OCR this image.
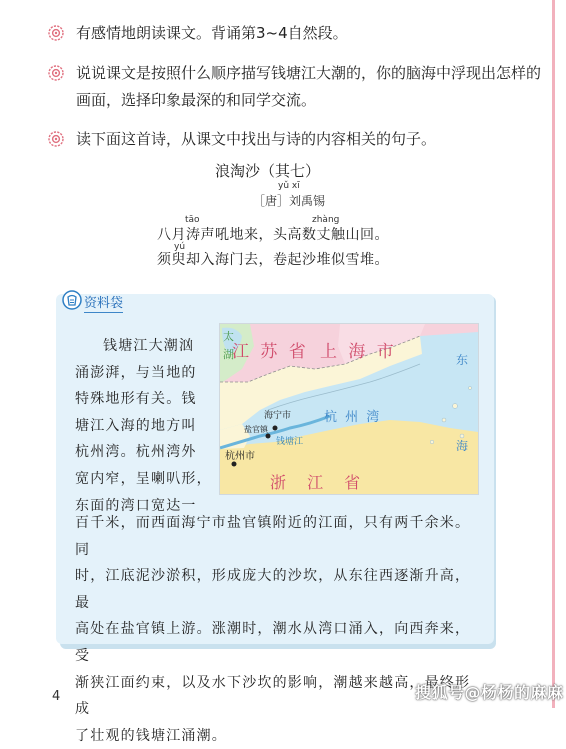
有感情地朗读课文。背诵第3~4自然段。
说说课文是按照什么顺序描写钱塘江大潮的，你的脑海中浮现出怎样的画面，选择印象最深的和同学交流。
读下面这首诗，从课文中找出与诗的内容相关的句子。
浪淘沙（其七）
yǔ xī
［唐］刘禹锡
tāo	zhàng
八月涛声吼地来，头高数丈触山回。
yú
须臾却入海门去，卷起沙堆似雪堆。
资料袋
钱塘江大潮汹
涌澎湃，与当地的
特殊地形有关。钱
塘江入海的地方叫
杭州湾。杭州湾外
宽内窄，呈喇叭形，
东面的湾口宽达一
百千米，而西面海宁市盐官镇附近的江面，只有两千余米。同
时，江底泥沙淤积，形成庞大的沙坎，从东往西逐渐升高，最
高处在盐官镇上游。涨潮时，潮水从湾口涌入，向西奔来，受
渐狭江面约束，以及水下沙坎的影响，潮越来越高，最终形成
了壮观的钱塘江涌潮。
太
湖
江 苏 省 上 海 市	东
海
海宁市
盐官镇
钱塘江
杭州市
杭 州 湾
浙 江 省
4	搜狐号@杨杨的麻麻
